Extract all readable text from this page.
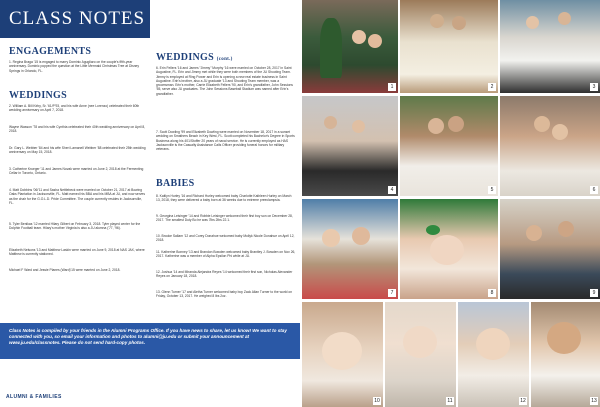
CLASS NOTES
ENGAGEMENTS
1. Regina Braga '15 is engaged to marry Dominic Agugliaro on the couple's fifth-year anniversary. Dominic popped the question at the Little Mermaid Christmas Tree at Disney Springs in Orlando, FL.
WEDDINGS
2. William A. Bill Kirby, Sr. '61/P'93, and his wife Anne (nee Lorenzo) celebrated their 60th wedding anniversary on April 7, 2018.
Wayne Wasson '78 and his wife Cynthia celebrated their 40th wedding anniversary on April 8, 2018.
Dr. Gary L. Webber '84 and his wife Sheri Lamanell Webber '88 celebrated their 25th wedding anniversary on May 15, 2018.
3. Catherine Krueger '11 and James Novak were married on June 2, 2018 at the Fermenting Cellar in Toronto, Ontario.
4. Matt Dobbins '06/'11 and Sasha Nettlebeck were married on October 21, 2017 at Bowing Oaks Plantation in Jacksonville, FL. Matt earned his BBA and his MBA at JU, and now serves as the chair for the G.O.L.D. Pride Committee. The couple currently resides in Jacksonville, FL.
5. Tyler Benikas '12 married Hilary Gilbert on February 3, 2018. Tyler played center for the Dolphin Football team. Hilary's mother Virginia is also a JU alumna ('77, '96).
Elizabeth Nelsons '13 and Matthew Laskin were married on June 9, 2018 at NAS JAX, where Matthew is currently stationed.
Michael F Ward and Jessie Planes (Ward)'15 were married on June 2, 2018.
WEDDINGS (cont.)
6. Erin Fellers '16 and James "Jimmy" Murphy '16 were married on October 28, 2017 in Saint Augustine, FL. Erin and Jimmy met while they were both members of the JU Shooting Team. Jimmy is employed at Ring Power and Erin is opening a new real estate business in Saint Augustine. Erin's brother, also a JU graduate '13 and Shooting Team member, was a groomsman. Erin's mother, Carrie Elizabeth Fellers '90, and Erin's grandfather, John Sessions '55, serve also JU graduates. The John Sessions Baseball Stadium was named after Erin's grandfather.
7. Scott Dowling '99 and Elizabeth Dowling were married on November 18, 2017 in a sunset wedding on Smathers Beach in Key West, FL. Scott completed his Bachelor's Degree in Sports Business along his 401/Stoffer 20 years of naval service. He is currently employed as HAS Jacksonville is the Casualty Assistance Calls Officer providing funeral honors for military veterans.
BABIES
8. Kaitlyn Hurley '16 and Richard Hurley welcomed baby Charlotte Kathleen Hurley on March 13, 2018, they were delivered a baby born at 36 weeks due to extreme preeclampsia.
9. Georgina Leisinger '14 and Robbie Leisinger welcomed their first boy son on December 28, 2017. The smallest Duty Bo he was 7lbs 2lbs 22.1.
10. Brooke Sallam '12 and Corey Donahue welcomed baby Mollyk Nicole Donahue on April 12, 2018.
11. Katherine Bonney '13 and Brandon Bowden welcomed baby Brantley J. Bowden on Nov 26, 2017. Katherine was a member of Alpha Epsilon Phi while at JU.
12. Joshua '14 and Miranda Alejandra Reyes '14 welcomed their first son, Nicholas Alexander Reyes on January 18, 2018.
13. Glenn Turner '17 and Aletha Turner welcomed baby boy Zack Allan Turner to the world on Friday, October 13, 2017. He weighed 8 lbs 2oz.
Class Notes is compiled by your friends in the Alumni Programs Office. If you have news to share, let us know! We want to stay connected with you, so email your information and photos to alumni@ju.edu or submit your announcement at www.ju.edu/classnotes. Please do not send hard-copy photos.
ALUMNI & FAMILIES
1	2	3
4	5	6
7	8	9
10	11	12	13
